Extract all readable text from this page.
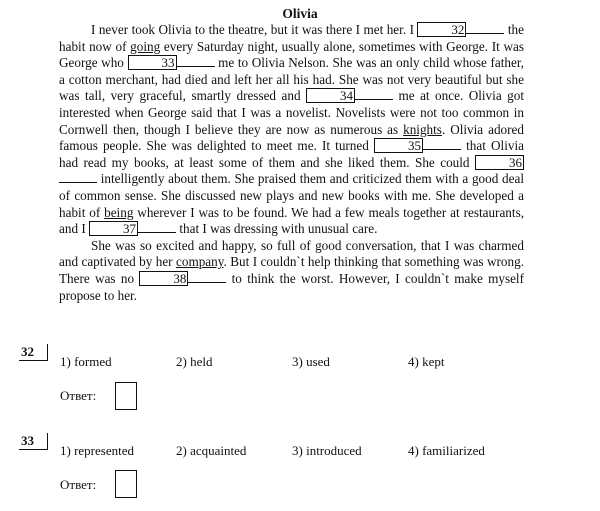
Olivia

I never took Olivia to the theatre, but it was there I met her. I	32	the habit now of going every Saturday night, usually alone, sometimes with George. It was George who	33	me to Olivia Nelson. She was an only child whose father, a cotton merchant, had died and left her all his had. She was not very beautiful but she was tall, very graceful, smartly dressed and	34	me at once. Olivia got interested when George said that I was a novelist. Novelists were not too common in Cornwell then, though I believe they are now as numerous as knights. Olivia adored famous people. She was delighted to meet me. It turned	35	that Olivia had read my books, at least some of them and she liked them. She could	36 intelligently about them. She praised them and criticized them with a good deal of common sense. She discussed new plays and new books with me. She developed a habit of being wherever I was to be found. We had a few meals together at restaurants, and I	37	that I was dressing with unusual care.

She was so excited and happy, so full of good conversation, that I was charmed and captivated by her company. But I couldn`t help thinking that something was wrong. There was no	38	to think the worst. However, I couldn`t make myself propose to her.

32
1) formed	2) held	3) used	4) kept
Ответ:
33
1) represented	2) acquainted	3) introduced	4) familiarized
Ответ:
